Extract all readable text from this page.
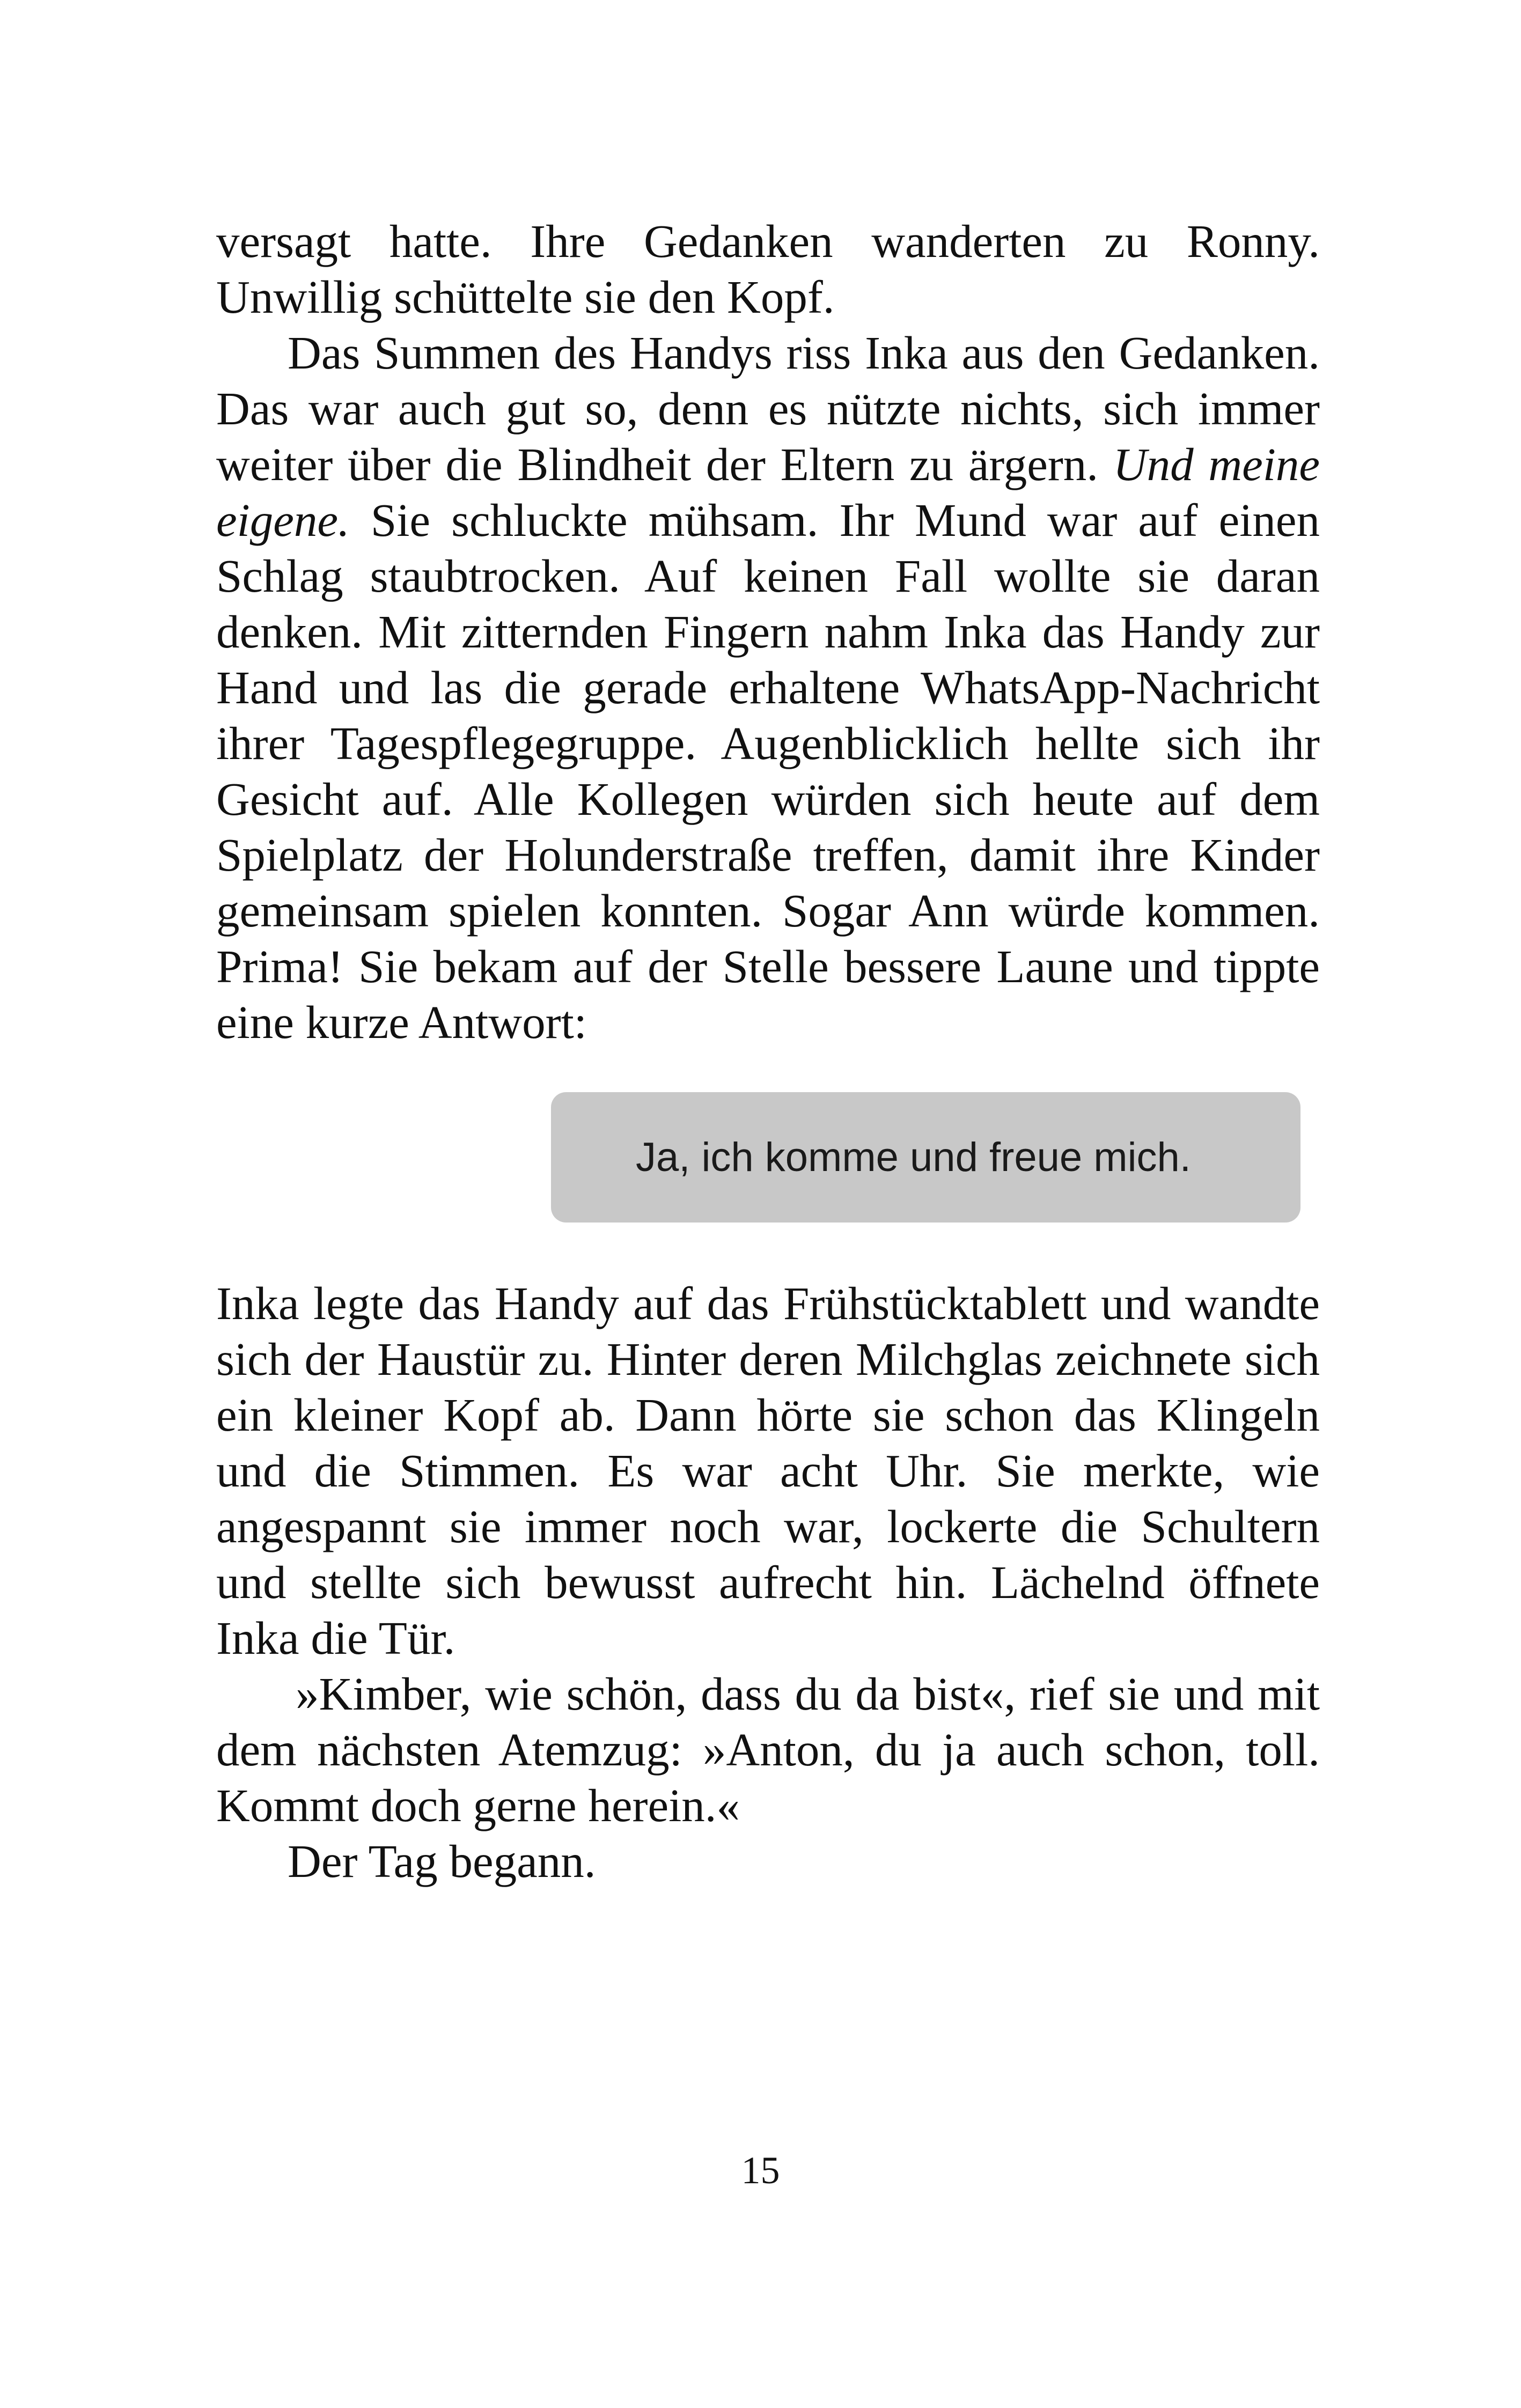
versagt hatte. Ihre Gedanken wanderten zu Ronny. Unwillig schüttelte sie den Kopf.

Das Summen des Handys riss Inka aus den Gedanken. Das war auch gut so, denn es nützte nichts, sich immer weiter über die Blindheit der Eltern zu ärgern. Und meine eigene. Sie schluckte mühsam. Ihr Mund war auf einen Schlag staubtrocken. Auf keinen Fall wollte sie daran denken. Mit zitternden Fingern nahm Inka das Handy zur Hand und las die gerade erhaltene WhatsApp-Nachricht ihrer Tagespflegegruppe. Augenblicklich hellte sich ihr Gesicht auf. Alle Kollegen würden sich heute auf dem Spielplatz der Holunderstraße treffen, damit ihre Kinder gemeinsam spielen konnten. Sogar Ann würde kommen. Prima! Sie bekam auf der Stelle bessere Laune und tippte eine kurze Antwort:

Ja, ich komme und freue mich.

Inka legte das Handy auf das Frühstücktablett und wandte sich der Haustür zu. Hinter deren Milchglas zeichnete sich ein kleiner Kopf ab. Dann hörte sie schon das Klingeln und die Stimmen. Es war acht Uhr. Sie merkte, wie angespannt sie immer noch war, lockerte die Schultern und stellte sich bewusst aufrecht hin. Lächelnd öffnete Inka die Tür.

»Kimber, wie schön, dass du da bist«, rief sie und mit dem nächsten Atemzug: »Anton, du ja auch schon, toll. Kommt doch gerne herein.«

Der Tag begann.

15
